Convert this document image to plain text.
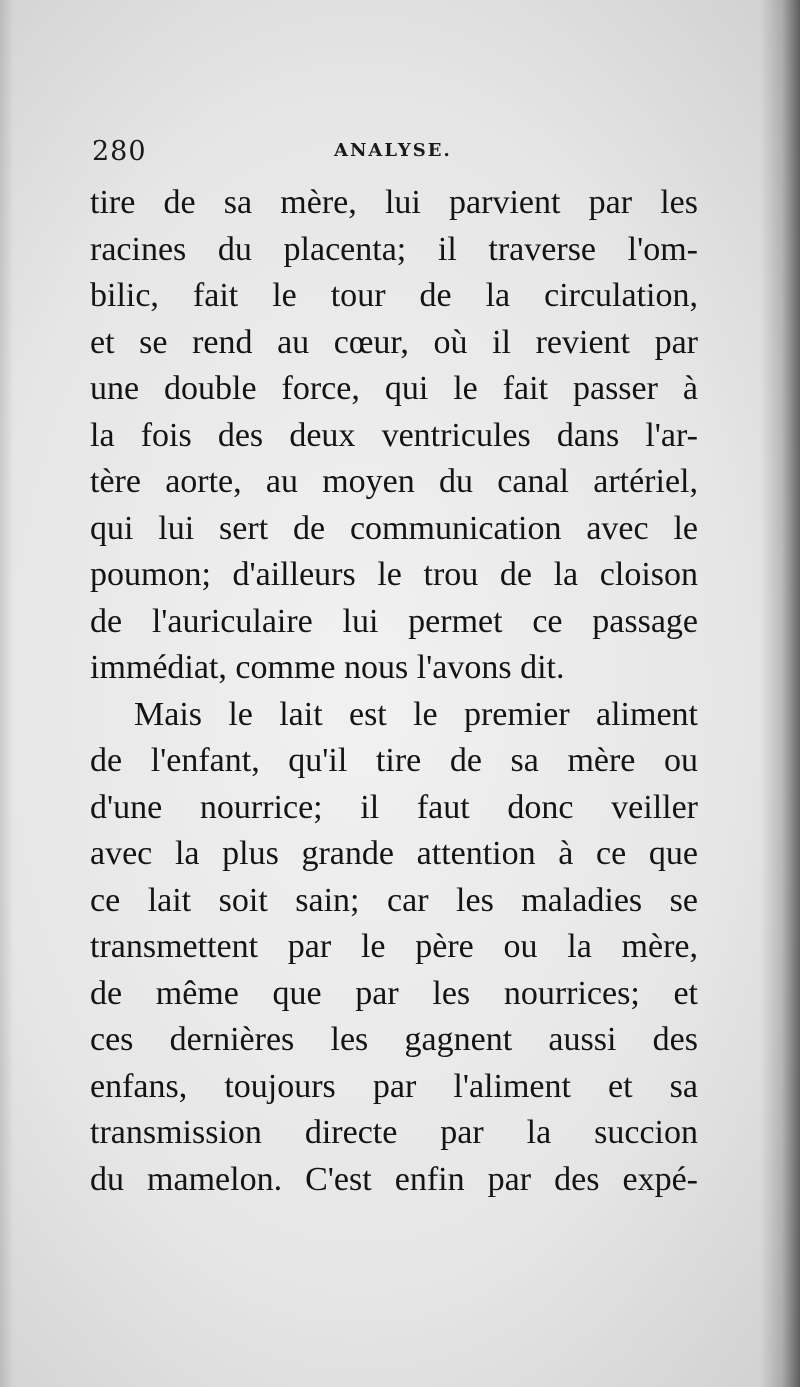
280	ANALYSE.
tire de sa mère, lui parvient par les
racines du placenta; il traverse l'om-
bilic, fait le tour de la circulation,
et se rend au cœur, où il revient par
une double force, qui le fait passer à
la fois des deux ventricules dans l'ar-
tère aorte, au moyen du canal artériel,
qui lui sert de communication avec le
poumon; d'ailleurs le trou de la cloison
de l'auriculaire lui permet ce passage
immédiat, comme nous l'avons dit.
Mais le lait est le premier aliment
de l'enfant, qu'il tire de sa mère ou
d'une nourrice; il faut donc veiller
avec la plus grande attention à ce que
ce lait soit sain; car les maladies se
transmettent par le père ou la mère,
de même que par les nourrices; et
ces dernières les gagnent aussi des
enfans, toujours par l'aliment et sa
transmission directe par la succion
du mamelon. C'est enfin par des expé-
